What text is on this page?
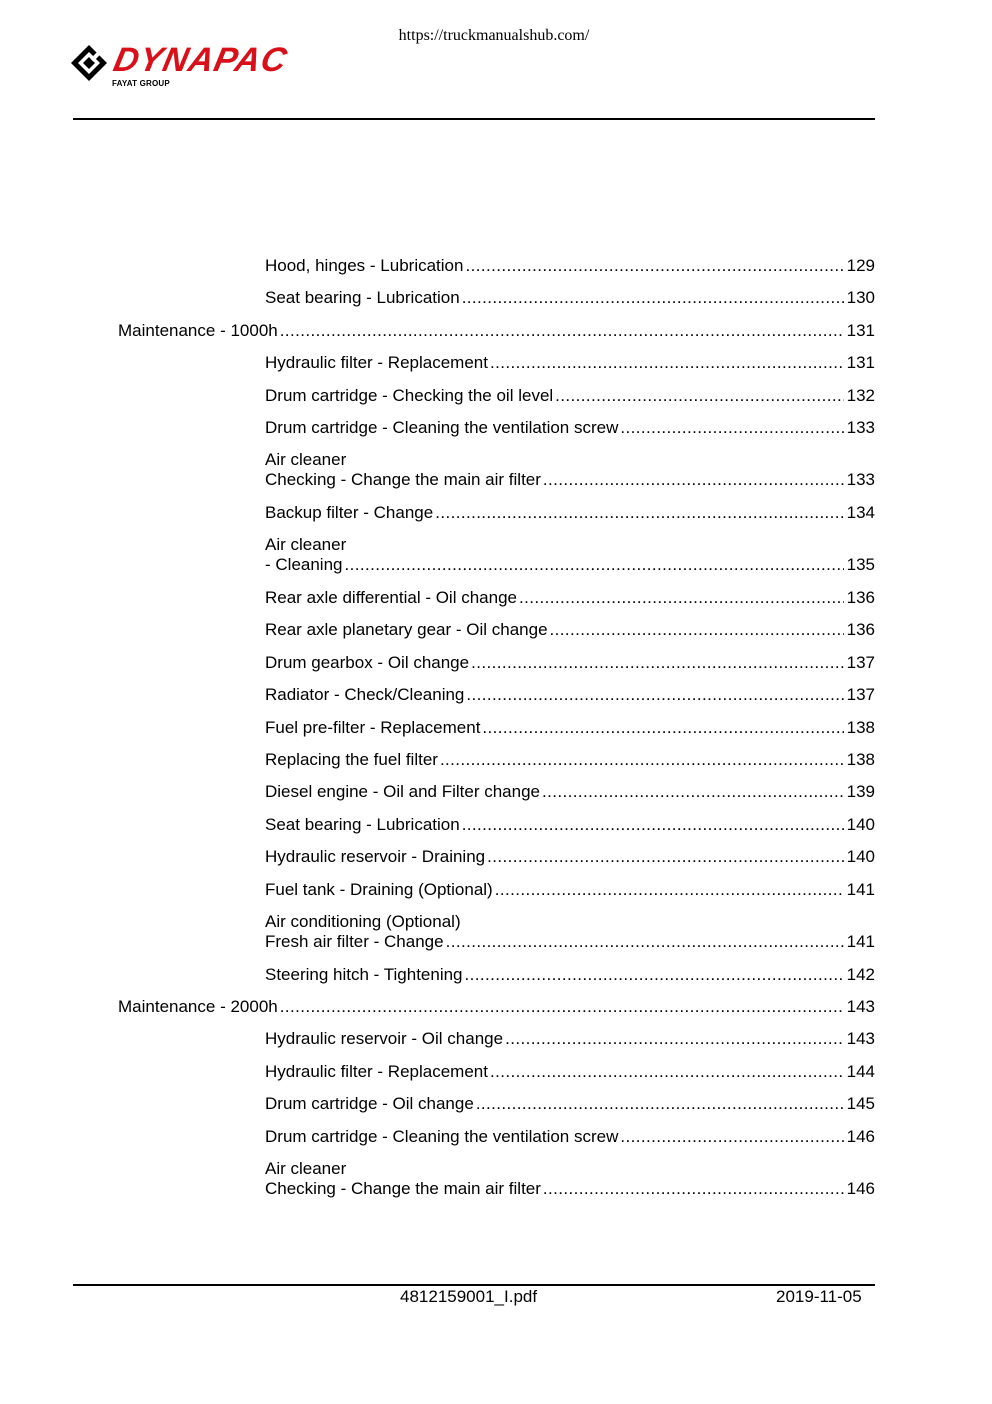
https://truckmanualshub.com/
DYNAPAC
FAYAT GROUP
Hood, hinges - Lubrication .....	129
Seat bearing - Lubrication .....	130
Maintenance - 1000h .....	131
Hydraulic filter - Replacement .....	131
Drum cartridge - Checking the oil level .....	132
Drum cartridge - Cleaning the ventilation screw .....	133
Air cleaner
Checking - Change the main air filter .....	133
Backup filter - Change .....	134
Air cleaner
- Cleaning .....	135
Rear axle differential - Oil change .....	136
Rear axle planetary gear - Oil change .....	136
Drum gearbox - Oil change .....	137
Radiator - Check/Cleaning .....	137
Fuel pre-filter - Replacement .....	138
Replacing the fuel filter .....	138
Diesel engine - Oil and Filter change .....	139
Seat bearing - Lubrication .....	140
Hydraulic reservoir - Draining .....	140
Fuel tank - Draining (Optional) .....	141
Air conditioning (Optional)
Fresh air filter - Change .....	141
Steering hitch - Tightening .....	142
Maintenance - 2000h .....	143
Hydraulic reservoir - Oil change .....	143
Hydraulic filter - Replacement .....	144
Drum cartridge - Oil change .....	145
Drum cartridge - Cleaning the ventilation screw .....	146
Air cleaner
Checking - Change the main air filter .....	146
4812159001_I.pdf	2019-11-05
